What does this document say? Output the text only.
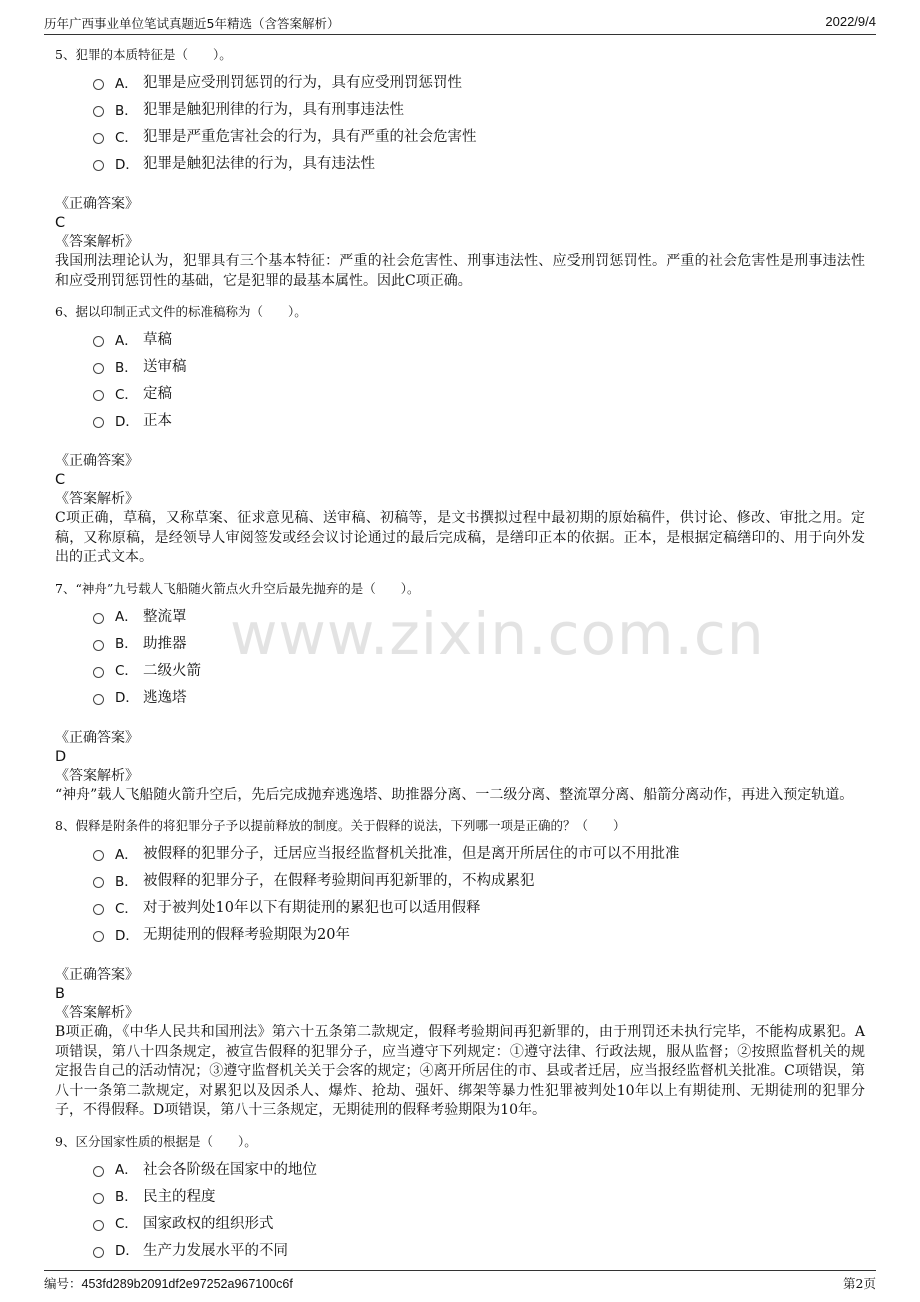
历年广西事业单位笔试真题近5年精选（含答案解析）	2022/9/4
www.zixin.com.cn

5、犯罪的本质特征是（　　）。

A． 犯罪是应受刑罚惩罚的行为，具有应受刑罚惩罚性
B． 犯罪是触犯刑律的行为，具有刑事违法性
C． 犯罪是严重危害社会的行为，具有严重的社会危害性
D． 犯罪是触犯法律的行为，具有违法性

《正确答案》

C

《答案解析》

我国刑法理论认为，犯罪具有三个基本特征：严重的社会危害性、刑事违法性、应受刑罚惩罚性。严重的社会危害性是刑事违法性和应受刑罚惩罚性的基础，它是犯罪的最基本属性。因此C项正确。

6、据以印制正式文件的标准稿称为（　　）。

A． 草稿
B． 送审稿
C． 定稿
D． 正本

《正确答案》

C

《答案解析》

C项正确，草稿，又称草案、征求意见稿、送审稿、初稿等，是文书撰拟过程中最初期的原始稿件，供讨论、修改、审批之用。定稿，又称原稿，是经领导人审阅签发或经会议讨论通过的最后完成稿，是缮印正本的依据。正本，是根据定稿缮印的、用于向外发出的正式文本。

7、“神舟”九号载人飞船随火箭点火升空后最先抛弃的是（　　）。

A． 整流罩
B． 助推器
C． 二级火箭
D． 逃逸塔

《正确答案》

D

《答案解析》

“神舟”载人飞船随火箭升空后，先后完成抛弃逃逸塔、助推器分离、一二级分离、整流罩分离、船箭分离动作，再进入预定轨道。

8、假释是附条件的将犯罪分子予以提前释放的制度。关于假释的说法，下列哪一项是正确的？（　　）

A． 被假释的犯罪分子，迁居应当报经监督机关批准，但是离开所居住的市可以不用批准
B． 被假释的犯罪分子，在假释考验期间再犯新罪的，不构成累犯
C． 对于被判处10年以下有期徒刑的累犯也可以适用假释
D． 无期徒刑的假释考验期限为20年

《正确答案》

B

《答案解析》

B项正确，《中华人民共和国刑法》第六十五条第二款规定，假释考验期间再犯新罪的，由于刑罚还未执行完毕，不能构成累犯。A项错误，第八十四条规定，被宣告假释的犯罪分子，应当遵守下列规定：①遵守法律、行政法规，服从监督；②按照监督机关的规定报告自己的活动情况；③遵守监督机关关于会客的规定；④离开所居住的市、县或者迁居，应当报经监督机关批准。C项错误，第八十一条第二款规定，对累犯以及因杀人、爆炸、抢劫、强奸、绑架等暴力性犯罪被判处10年以上有期徒刑、无期徒刑的犯罪分子，不得假释。D项错误，第八十三条规定，无期徒刑的假释考验期限为10年。

9、区分国家性质的根据是（　　）。

A． 社会各阶级在国家中的地位
B． 民主的程度
C． 国家政权的组织形式
D． 生产力发展水平的不同
编号：453fd289b2091df2e97252a967100c6f	第2页
